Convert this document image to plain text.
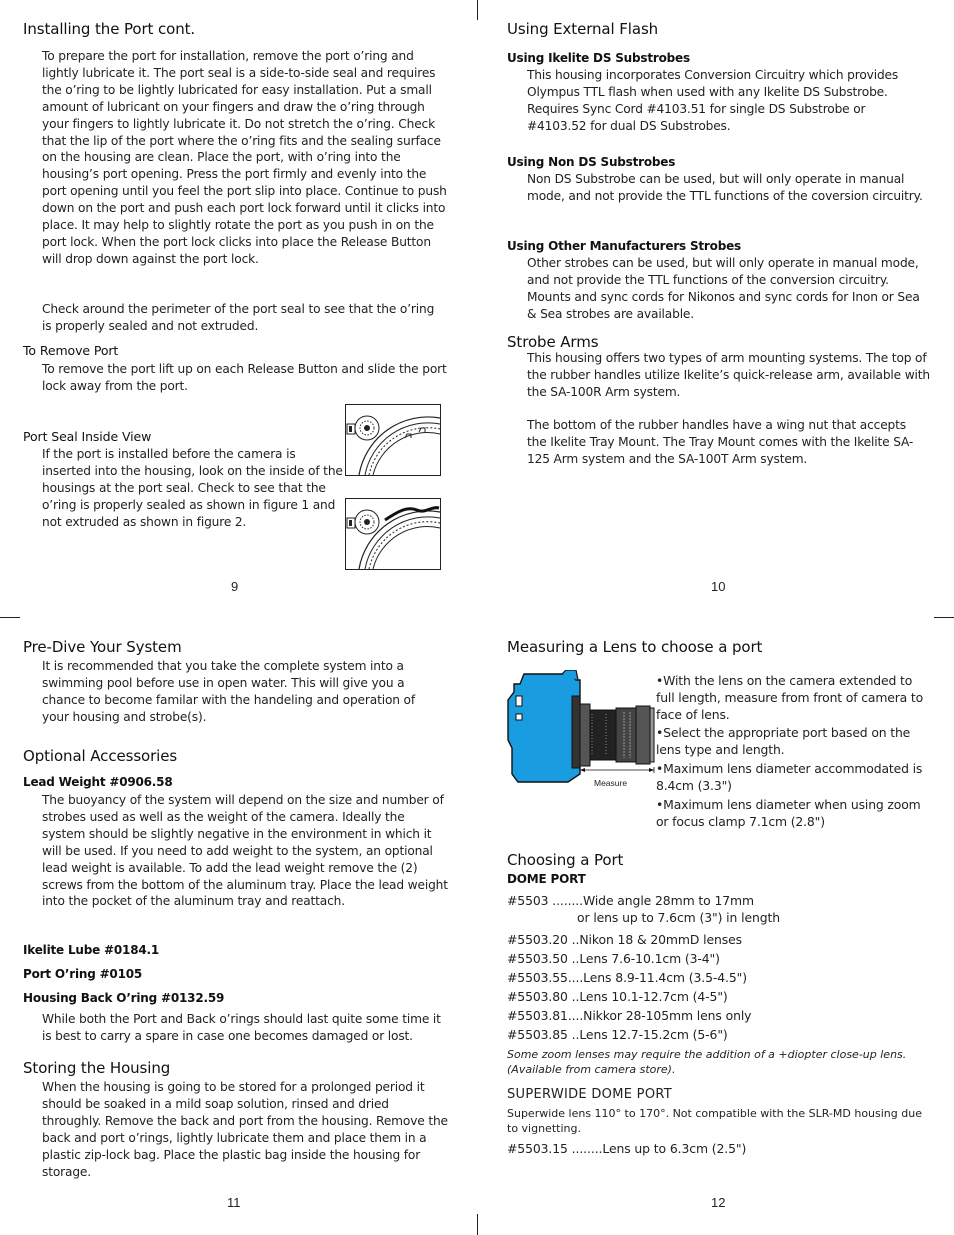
Installing the Port cont.
To prepare the port for installation, remove the port o’ring and lightly lubricate it. The port seal is a side-to-side seal and requires the o’ring to be lightly lubricated for easy installation. Put a small amount of lubricant on your fingers and draw the o’ring through your fingers to lightly lubricate it. Do not stretch the o’ring. Check that the lip of the port where the o’ring fits and the sealing surface on the housing are clean. Place the port, with o’ring into the housing’s port opening. Press the port firmly and evenly into the port opening until you feel the port slip into place. Continue to push down on the port and push each port lock forward until it clicks into place. It may help to slightly rotate the port as you push in on the port lock. When the port lock clicks into place the Release Button will drop down against the port lock.
Check around the perimeter of the port seal to see that the o’ring is properly sealed and not extruded.
To Remove Port
To remove the port lift up on each Release Button and slide the port lock away from the port.
Port Seal Inside View
If the port is installed before the camera is inserted into the housing, look on the inside of the housings at the port seal. Check to see that the o’ring is properly sealed as shown in figure 1 and not extruded as shown in figure 2.
9
Using External Flash
Using Ikelite DS Substrobes
This housing incorporates Conversion Circuitry which provides Olympus TTL flash when used with any Ikelite DS Substrobe. Requires Sync Cord #4103.51 for single DS Substrobe or #4103.52 for dual DS Substrobes.
Using Non DS Substrobes
Non DS Substrobe can be used, but will only operate in manual mode, and not provide the TTL functions of the coversion circuitry.
Using Other Manufacturers Strobes
Other strobes can be used, but will only operate in manual mode, and not provide the TTL functions of the conversion circuitry. Mounts and sync cords for Nikonos and sync cords for Inon or Sea & Sea strobes are available.
Strobe Arms
This housing offers two types of arm mounting systems. The top of the rubber handles utilize Ikelite’s quick-release arm, available with the SA-100R Arm system.
The bottom of the rubber handles have a wing nut that accepts the Ikelite Tray Mount. The Tray Mount comes with the Ikelite SA-125 Arm system and the SA-100T Arm system.
10
Pre-Dive Your System
It is recommended that you take the complete system into a swimming pool before use in open water. This will give you a chance to become familar with the handeling and operation of your housing and strobe(s).
Optional Accessories
Lead Weight #0906.58
The buoyancy of the system will depend on the size and number of strobes used as well as the weight of the camera. Ideally the system should be slightly negative in the environment in which it will be used. If you need to add weight to the system, an optional lead weight is available. To add the lead weight remove the (2) screws from the bottom of the aluminum tray. Place the lead weight into the pocket of the aluminum tray and reattach.
Ikelite Lube #0184.1
Port O’ring #0105
Housing Back O’ring #0132.59
While both the Port and Back o’rings should last quite some time it is best to carry a spare in case one becomes damaged or lost.
Storing the Housing
When the housing is going to be stored for a prolonged period it should be soaked in a mild soap solution, rinsed and dried throughly. Remove the back and port from the housing. Remove the back and port o’rings, lightly lubricate them and place them in a plastic zip-lock bag. Place the plastic bag inside the housing for storage.
11
Measuring a Lens to choose a port
Measure
•With the lens on the camera extended to full length, measure from front of camera to face of lens.
•Select the appropriate port based on the lens type and length.
•Maximum lens diameter accommodated is 8.4cm (3.3")
•Maximum lens diameter when using zoom or focus clamp 7.1cm (2.8")
Choosing a Port
DOME PORT
#5503 ........Wide angle 28mm to 17mm
or lens up to 7.6cm (3") in length
#5503.20 ..Nikon 18 & 20mmD lenses
#5503.50 ..Lens 7.6-10.1cm (3-4")
#5503.55....Lens 8.9-11.4cm (3.5-4.5")
#5503.80 ..Lens 10.1-12.7cm (4-5")
#5503.81....Nikkor 28-105mm lens only
#5503.85 ..Lens 12.7-15.2cm (5-6")
Some zoom lenses may require the addition of a +diopter close-up lens. (Available from camera store).
SUPERWIDE DOME PORT
Superwide lens 110° to 170°. Not compatible with the SLR-MD housing due to vignetting.
#5503.15 ........Lens up to 6.3cm (2.5")
12
